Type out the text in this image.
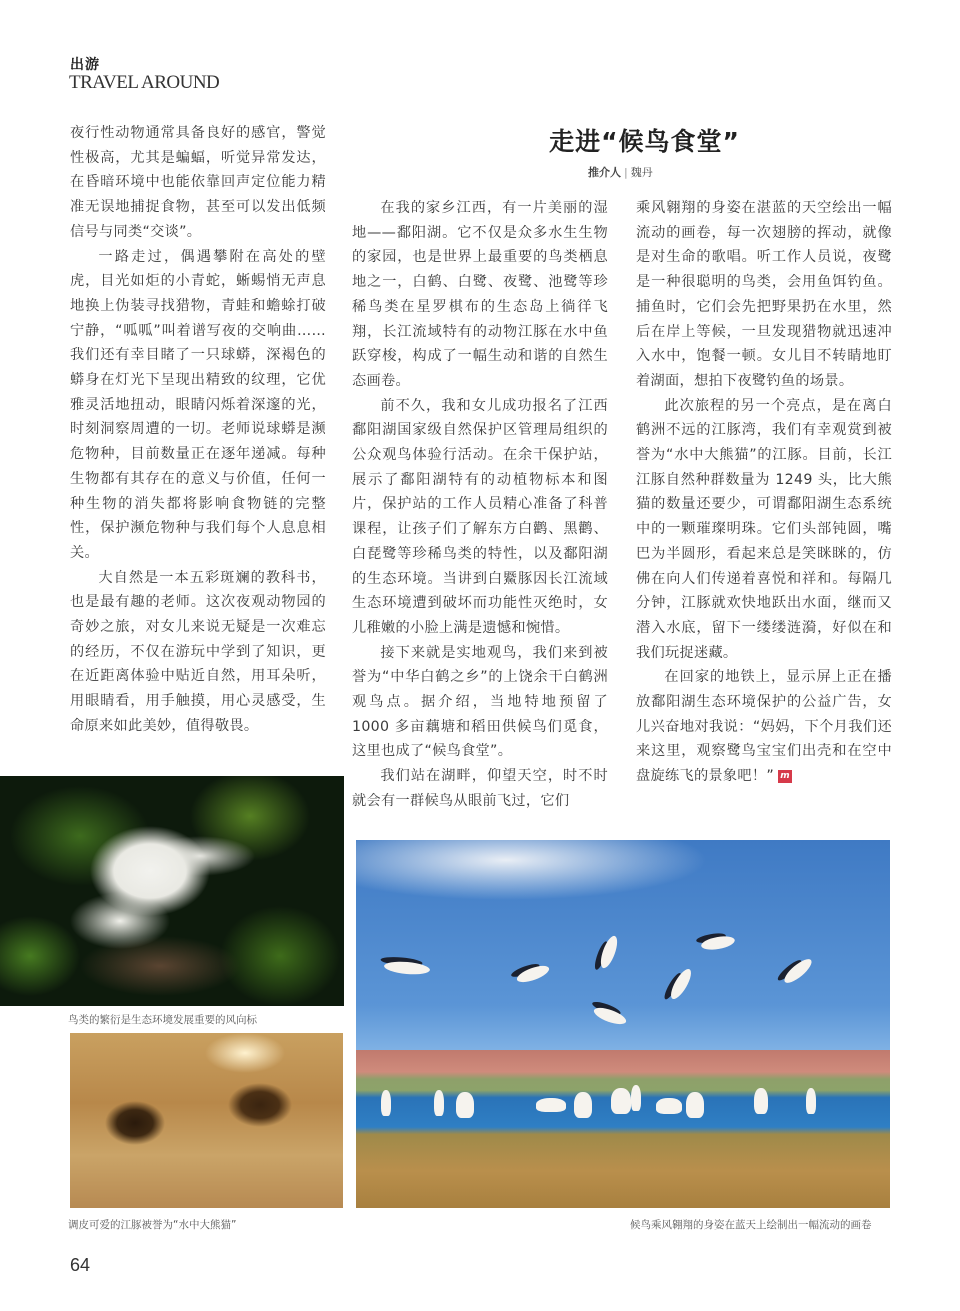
出游
TRAVEL AROUND

夜行性动物通常具备良好的感官，警觉性极高，尤其是蝙蝠，听觉异常发达，在昏暗环境中也能依靠回声定位能力精准无误地捕捉食物，甚至可以发出低频信号与同类“交谈”。

一路走过，偶遇攀附在高处的壁虎，目光如炬的小青蛇，蜥蜴悄无声息地换上伪装寻找猎物，青蛙和蟾蜍打破宁静，“呱呱”叫着谱写夜的交响曲……我们还有幸目睹了一只球蟒，深褐色的蟒身在灯光下呈现出精致的纹理，它优雅灵活地扭动，眼睛闪烁着深邃的光，时刻洞察周遭的一切。老师说球蟒是濒危物种，目前数量正在逐年递减。每种生物都有其存在的意义与价值，任何一种生物的消失都将影响食物链的完整性，保护濒危物种与我们每个人息息相关。

大自然是一本五彩斑斓的教科书，也是最有趣的老师。这次夜观动物园的奇妙之旅，对女儿来说无疑是一次难忘的经历，不仅在游玩中学到了知识，更在近距离体验中贴近自然，用耳朵听，用眼睛看，用手触摸，用心灵感受，生命原来如此美妙，值得敬畏。

走进“候鸟食堂”
推介人 | 魏丹

在我的家乡江西，有一片美丽的湿地——鄱阳湖。它不仅是众多水生生物的家园，也是世界上最重要的鸟类栖息地之一，白鹤、白鹭、夜鹭、池鹭等珍稀鸟类在星罗棋布的生态岛上徜徉飞翔，长江流域特有的动物江豚在水中鱼跃穿梭，构成了一幅生动和谐的自然生态画卷。

前不久，我和女儿成功报名了江西鄱阳湖国家级自然保护区管理局组织的公众观鸟体验行活动。在余干保护站，展示了鄱阳湖特有的动植物标本和图片，保护站的工作人员精心准备了科普课程，让孩子们了解东方白鹳、黑鹳、白琵鹭等珍稀鸟类的特性，以及鄱阳湖的生态环境。当讲到白鱀豚因长江流域生态环境遭到破坏而功能性灭绝时，女儿稚嫩的小脸上满是遗憾和惋惜。

接下来就是实地观鸟，我们来到被誉为“中华白鹤之乡”的上饶余干白鹤洲观鸟点。据介绍，当地特地预留了 1000 多亩藕塘和稻田供候鸟们觅食，这里也成了“候鸟食堂”。

我们站在湖畔，仰望天空，时不时就会有一群候鸟从眼前飞过，它们

乘风翱翔的身姿在湛蓝的天空绘出一幅流动的画卷，每一次翅膀的挥动，就像是对生命的歌唱。听工作人员说，夜鹭是一种很聪明的鸟类，会用鱼饵钓鱼。捕鱼时，它们会先把野果扔在水里，然后在岸上等候，一旦发现猎物就迅速冲入水中，饱餐一顿。女儿目不转睛地盯着湖面，想拍下夜鹭钓鱼的场景。

此次旅程的另一个亮点，是在离白鹤洲不远的江豚湾，我们有幸观赏到被誉为“水中大熊猫”的江豚。目前，长江江豚自然种群数量为 1249 头，比大熊猫的数量还要少，可谓鄱阳湖生态系统中的一颗璀璨明珠。它们头部钝圆，嘴巴为半圆形，看起来总是笑眯眯的，仿佛在向人们传递着喜悦和祥和。每隔几分钟，江豚就欢快地跃出水面，继而又潜入水底，留下一缕缕涟漪，好似在和我们玩捉迷藏。

在回家的地铁上，显示屏上正在播放鄱阳湖生态环境保护的公益广告，女儿兴奋地对我说：“妈妈，下个月我们还来这里，观察鹭鸟宝宝们出壳和在空中盘旋练飞的景象吧！” m

鸟类的繁衍是生态环境发展重要的风向标
调皮可爱的江豚被誉为“水中大熊猫”	候鸟乘风翱翔的身姿在蓝天上绘制出一幅流动的画卷
64
